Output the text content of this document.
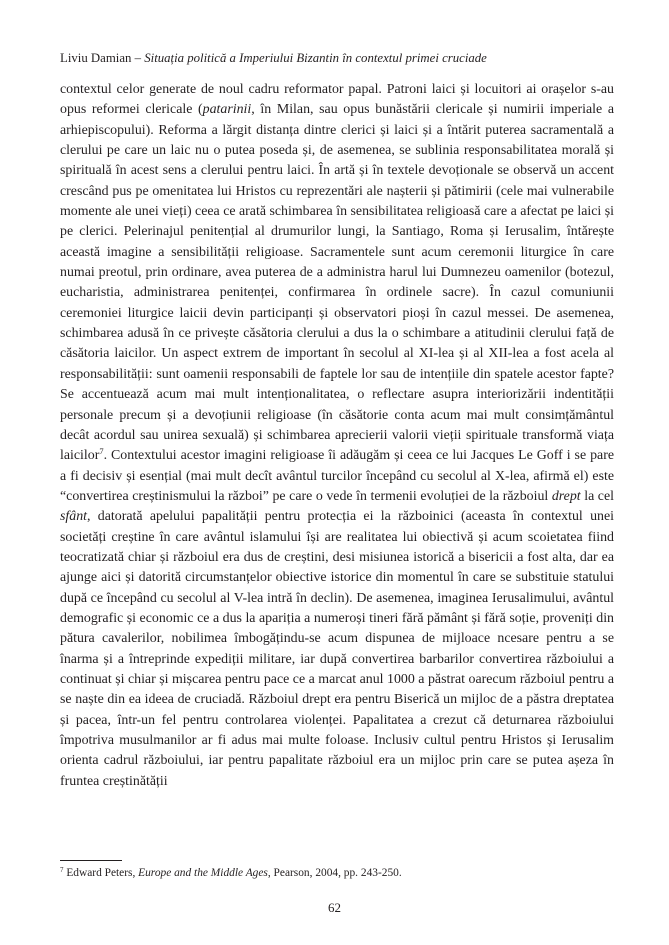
Liviu Damian – Situația politică a Imperiului Bizantin în contextul primei cruciade

contextul celor generate de noul cadru reformator papal. Patroni laici și locuitori ai orașelor s-au opus reformei clericale (patarinii, în Milan, sau opus bunăstării clericale și numirii imperiale a arhiepiscopului). Reforma a lărgit distanța dintre clerici și laici și a întărit puterea sacramentală a clerului pe care un laic nu o putea poseda și, de asemenea, se sublinia responsabilitatea morală și spirituală în acest sens a clerului pentru laici. În artă și în textele devoționale se observă un accent crescând pus pe omenitatea lui Hristos cu reprezentări ale nașterii și pătimirii (cele mai vulnerabile momente ale unei vieți) ceea ce arată schimbarea în sensibilitatea religioasă care a afectat pe laici și pe clerici. Pelerinajul penitențial al drumurilor lungi, la Santiago, Roma și Ierusalim, întărește această imagine a sensibilității religioase. Sacramentele sunt acum ceremonii liturgice în care numai preotul, prin ordinare, avea puterea de a administra harul lui Dumnezeu oamenilor (botezul, eucharistia, administrarea penitenței, confirmarea în ordinele sacre). În cazul comuniunii ceremoniei liturgice laicii devin participanți și observatori pioși în cazul messei. De asemenea, schimbarea adusă în ce privește căsătoria clerului a dus la o schimbare a atitudinii clerului față de căsătoria laicilor. Un aspect extrem de important în secolul al XI-lea și al XII-lea a fost acela al responsabilității: sunt oamenii responsabili de faptele lor sau de intențiile din spatele acestor fapte? Se accentuează acum mai mult intenționalitatea, o reflectare asupra interiorizării indentității personale precum și a devoțiunii religioase (în căsătorie conta acum mai mult consimțământul decât acordul sau unirea sexuală) și schimbarea aprecierii valorii vieții spirituale transformă viața laicilor$^7$. Contextului acestor imagini religioase îi adăugăm și ceea ce lui Jacques Le Goff i se pare a fi decisiv și esențial (mai mult decît avântul turcilor începând cu secolul al X-lea, afirmă el) este “convertirea creștinismului la război” pe care o vede în termenii evoluției de la războiul drept la cel sfânt, datorată apelului papalității pentru protecția ei la războinici (aceasta în contextul unei societăți creștine în care avântul islamului își are realitatea lui obiectivă și acum scoietatea fiind teocratizată chiar și războiul era dus de creștini, desi misiunea istorică a bisericii a fost alta, dar ea ajunge aici și datorită circumstanțelor obiective istorice din momentul în care se substituie statului după ce începând cu secolul al V-lea intră în declin). De asemenea, imaginea Ierusalimului, avântul demografic și economic ce a dus la apariția a numeroși tineri fără pământ și fără soție, proveniți din pătura cavalerilor, nobilimea îmbogățindu-se acum dispunea de mijloace ncesare pentru a se înarma și a întreprinde expediții militare, iar după convertirea barbarilor convertirea războiului a continuat și chiar și mișcarea pentru pace ce a marcat anul 1000 a păstrat oarecum războiul pentru a se naște din ea ideea de cruciadă. Războiul drept era pentru Biserică un mijloc de a păstra dreptatea și pacea, într-un fel pentru controlarea violenței. Papalitatea a crezut că deturnarea războiului împotriva musulmanilor ar fi adus mai multe foloase. Inclusiv cultul pentru Hristos și Ierusalim orienta cadrul războiului, iar pentru papalitate războiul era un mijloc prin care se putea așeza în fruntea creștinătății

$^7$ Edward Peters, Europe and the Middle Ages, Pearson, 2004, pp. 243-250.
62
